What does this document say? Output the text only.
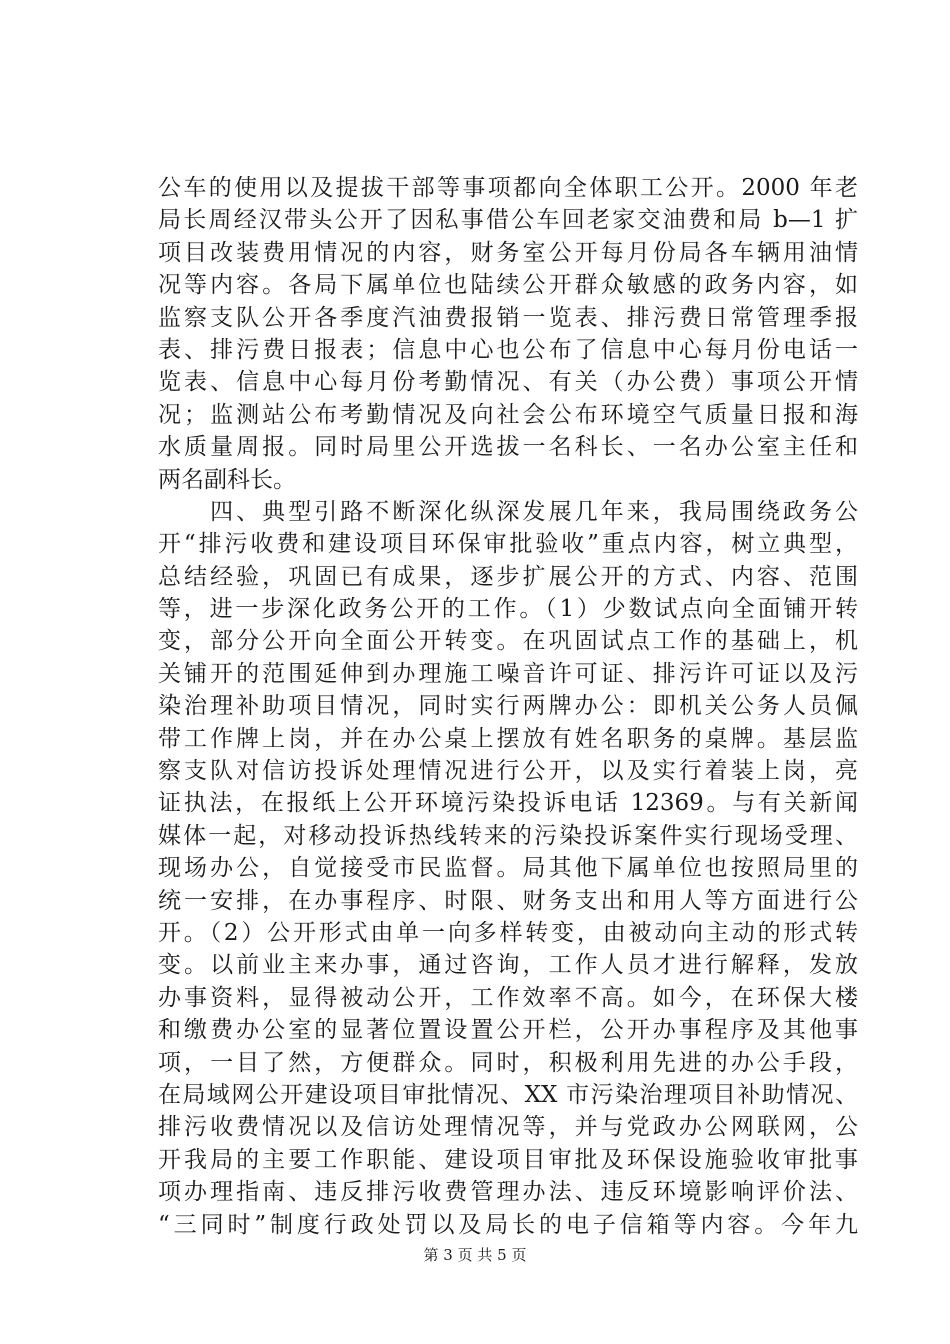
公车的使用以及提拔干部等事项都向全体职工公开。2000 年老
局长周经汉带头公开了因私事借公车回老家交油费和局 b—1 扩
项目改装费用情况的内容，财务室公开每月份局各车辆用油情
况等内容。各局下属单位也陆续公开群众敏感的政务内容，如
监察支队公开各季度汽油费报销一览表、排污费日常管理季报
表、排污费日报表；信息中心也公布了信息中心每月份电话一
览表、信息中心每月份考勤情况、有关（办公费）事项公开情
况；监测站公布考勤情况及向社会公布环境空气质量日报和海
水质量周报。同时局里公开选拔一名科长、一名办公室主任和
两名副科长。
　　四、典型引路不断深化纵深发展几年来，我局围绕政务公
开“排污收费和建设项目环保审批验收”重点内容，树立典型，
总结经验，巩固已有成果，逐步扩展公开的方式、内容、范围
等，进一步深化政务公开的工作。（1）少数试点向全面铺开转
变，部分公开向全面公开转变。在巩固试点工作的基础上，机
关铺开的范围延伸到办理施工噪音许可证、排污许可证以及污
染治理补助项目情况，同时实行两牌办公：即机关公务人员佩
带工作牌上岗，并在办公桌上摆放有姓名职务的桌牌。基层监
察支队对信访投诉处理情况进行公开，以及实行着装上岗，亮
证执法，在报纸上公开环境污染投诉电话 12369。与有关新闻
媒体一起，对移动投诉热线转来的污染投诉案件实行现场受理、
现场办公，自觉接受市民监督。局其他下属单位也按照局里的
统一安排，在办事程序、时限、财务支出和用人等方面进行公
开。（2）公开形式由单一向多样转变，由被动向主动的形式转
变。以前业主来办事，通过咨询，工作人员才进行解释，发放
办事资料，显得被动公开，工作效率不高。如今，在环保大楼
和缴费办公室的显著位置设置公开栏，公开办事程序及其他事
项，一目了然，方便群众。同时，积极利用先进的办公手段，
在局域网公开建设项目审批情况、XX 市污染治理项目补助情况、
排污收费情况以及信访处理情况等，并与党政办公网联网，公
开我局的主要工作职能、建设项目审批及环保设施验收审批事
项办理指南、违反排污收费管理办法、违反环境影响评价法、
“三同时”制度行政处罚以及局长的电子信箱等内容。今年九
第 3 页 共 5 页
